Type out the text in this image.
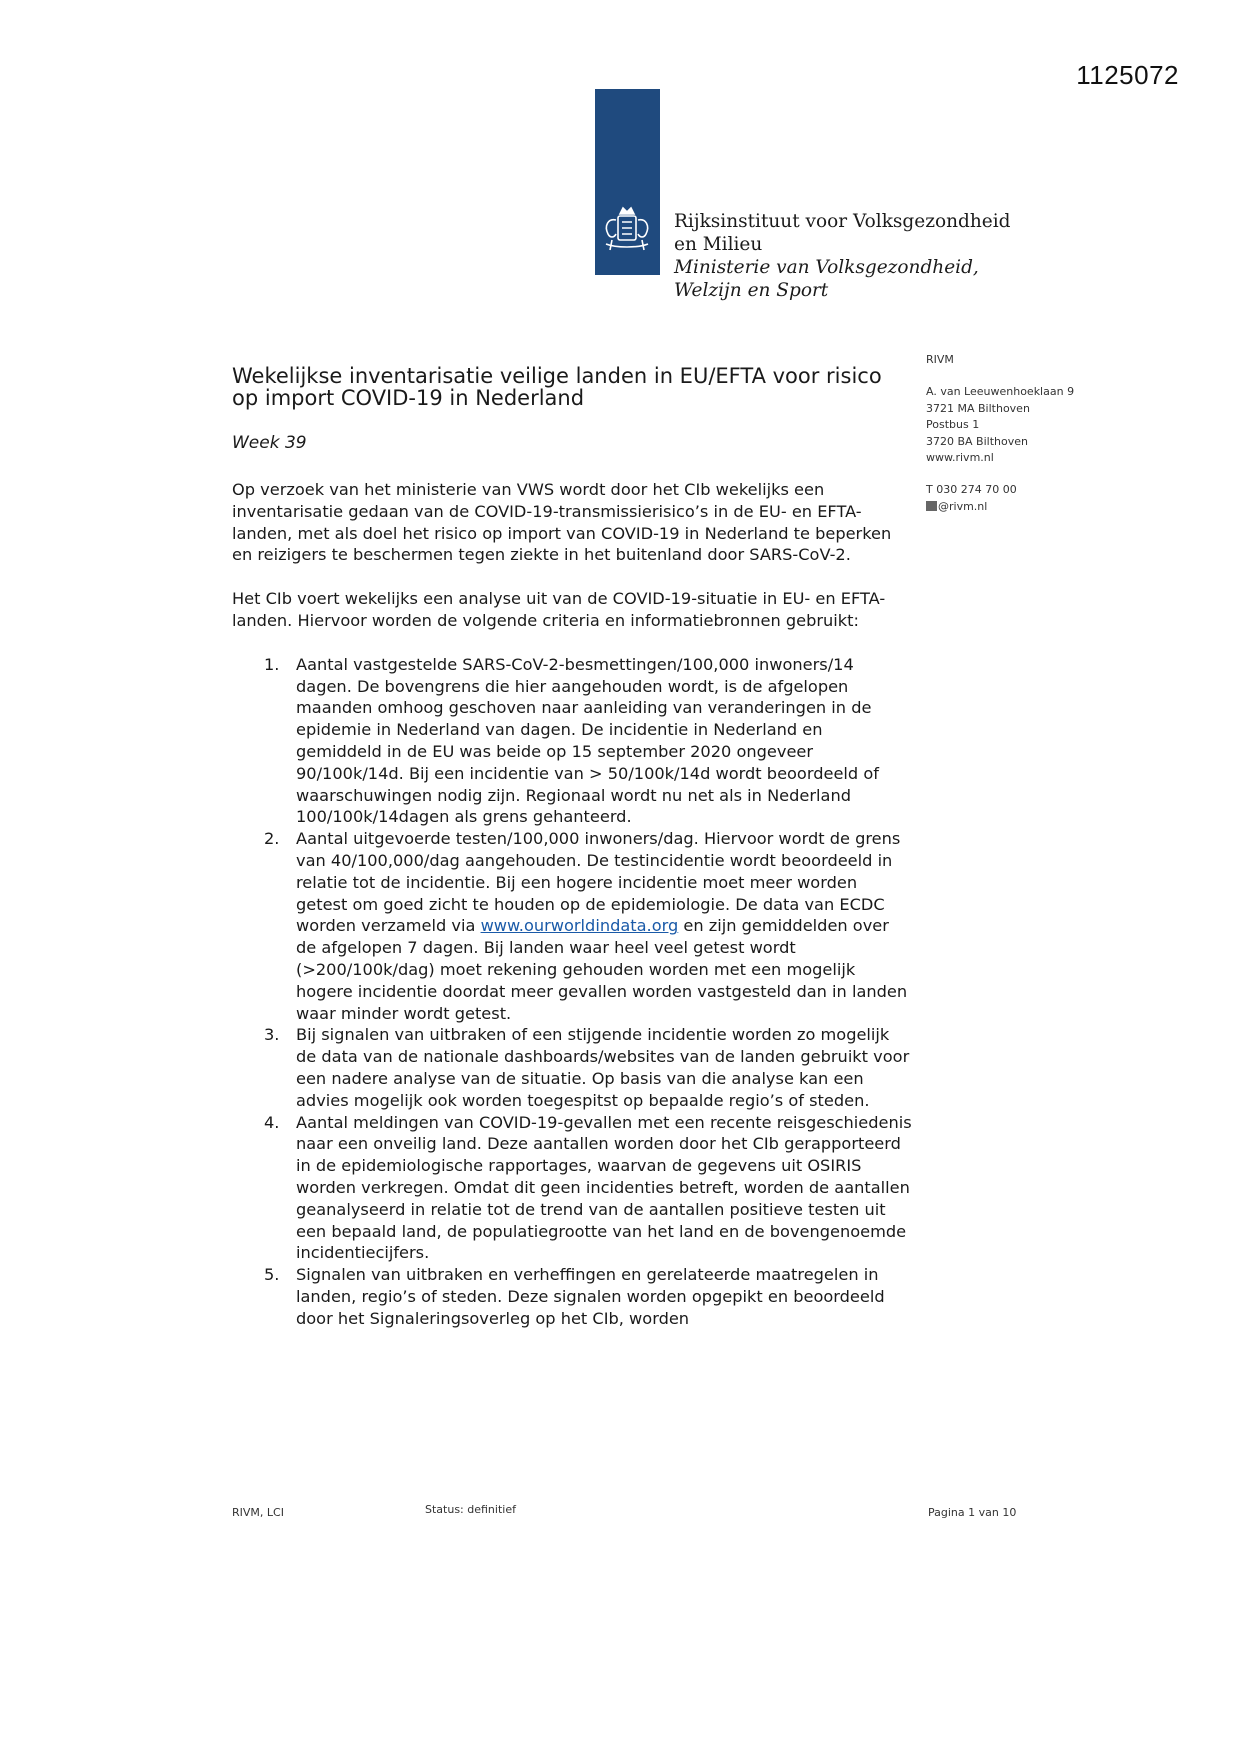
1125072
Rijksinstituut voor Volksgezondheid
en Milieu
Ministerie van Volksgezondheid,
Welzijn en Sport
RIVM
A. van Leeuwenhoeklaan 9
3721 MA Bilthoven
Postbus 1
3720 BA Bilthoven
www.rivm.nl
T 030 274 70 00
@rivm.nl
Wekelijkse inventarisatie veilige landen in EU/EFTA voor risico
op import COVID-19 in Nederland
Week 39

Op verzoek van het ministerie van VWS wordt door het CIb wekelijks een inventarisatie gedaan van de COVID-19-transmissierisico’s in de EU- en EFTA-landen, met als doel het risico op import van COVID-19 in Nederland te beperken en reizigers te beschermen tegen ziekte in het buitenland door SARS-CoV-2.

Het CIb voert wekelijks een analyse uit van de COVID-19-situatie in EU- en EFTA-landen. Hiervoor worden de volgende criteria en informatiebronnen gebruikt:

1. Aantal vastgestelde SARS-CoV-2-besmettingen/100,000 inwoners/14 dagen. De bovengrens die hier aangehouden wordt, is de afgelopen maanden omhoog geschoven naar aanleiding van veranderingen in de epidemie in Nederland van dagen. De incidentie in Nederland en gemiddeld in de EU was beide op 15 september 2020 ongeveer 90/100k/14d. Bij een incidentie van > 50/100k/14d wordt beoordeeld of waarschuwingen nodig zijn. Regionaal wordt nu net als in Nederland 100/100k/14dagen als grens gehanteerd.
2. Aantal uitgevoerde testen/100,000 inwoners/dag. Hiervoor wordt de grens van 40/100,000/dag aangehouden. De testincidentie wordt beoordeeld in relatie tot de incidentie. Bij een hogere incidentie moet meer worden getest om goed zicht te houden op de epidemiologie. De data van ECDC worden verzameld via www.ourworldindata.org en zijn gemiddelden over de afgelopen 7 dagen. Bij landen waar heel veel getest wordt (>200/100k/dag) moet rekening gehouden worden met een mogelijk hogere incidentie doordat meer gevallen worden vastgesteld dan in landen waar minder wordt getest.
3. Bij signalen van uitbraken of een stijgende incidentie worden zo mogelijk de data van de nationale dashboards/websites van de landen gebruikt voor een nadere analyse van de situatie. Op basis van die analyse kan een advies mogelijk ook worden toegespitst op bepaalde regio’s of steden.
4. Aantal meldingen van COVID-19-gevallen met een recente reisgeschiedenis naar een onveilig land. Deze aantallen worden door het CIb gerapporteerd in de epidemiologische rapportages, waarvan de gegevens uit OSIRIS worden verkregen. Omdat dit geen incidenties betreft, worden de aantallen geanalyseerd in relatie tot de trend van de aantallen positieve testen uit een bepaald land, de populatiegrootte van het land en de bovengenoemde incidentiecijfers.
5. Signalen van uitbraken en verheffingen en gerelateerde maatregelen in landen, regio’s of steden. Deze signalen worden opgepikt en beoordeeld door het Signaleringsoverleg op het CIb, worden
RIVM, LCI	Status: definitief	Pagina 1 van 10
